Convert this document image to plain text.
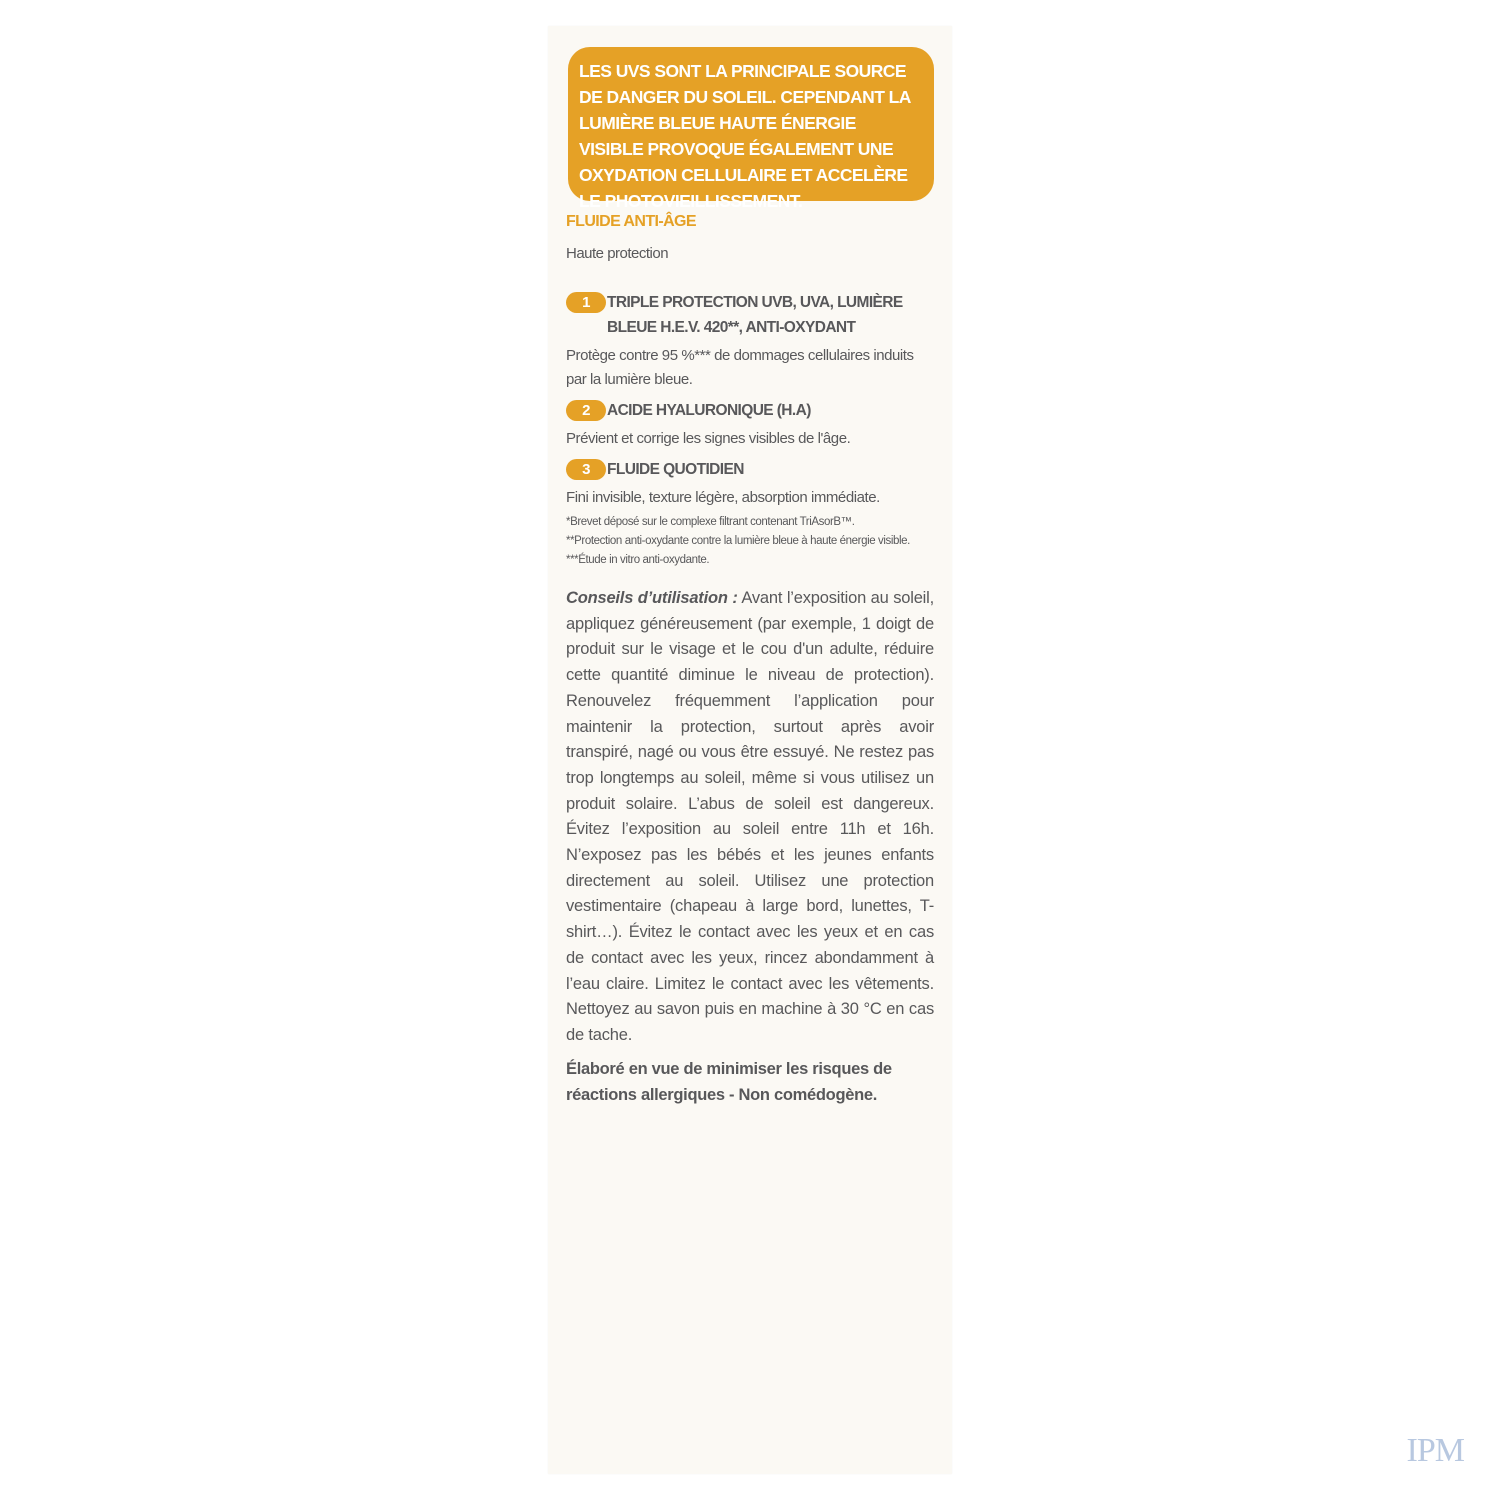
LES UVS SONT LA PRINCIPALE SOURCE DE DANGER DU SOLEIL. CEPENDANT LA LUMIÈRE BLEUE HAUTE ÉNERGIE VISIBLE PROVOQUE ÉGALEMENT UNE OXYDATION CELLULAIRE ET ACCELÈRE LE PHOTOVIEILLISSEMENT.

FLUIDE ANTI-ÂGE

Haute protection

1	TRIPLE PROTECTION UVB, UVA, LUMIÈRE BLEUE H.E.V. 420**, ANTI-OXYDANT

Protège contre 95 %*** de dommages cellulaires induits par la lumière bleue.

2	ACIDE HYALURONIQUE (H.A)

Prévient et corrige les signes visibles de l'âge.

3	FLUIDE QUOTIDIEN

Fini invisible, texture légère, absorption immédiate.

*Brevet déposé sur le complexe filtrant contenant TriAsorB™.
**Protection anti-oxydante contre la lumière bleue à haute énergie visible.
***Étude in vitro anti-oxydante.
Conseils d’utilisation : Avant l’exposition au soleil, appliquez généreusement (par exemple, 1 doigt de produit sur le visage et le cou d'un adulte, réduire cette quantité diminue le niveau de protection). Renouvelez fréquemment l’application pour maintenir la protection, surtout après avoir transpiré, nagé ou vous être essuyé. Ne restez pas trop longtemps au soleil, même si vous utilisez un produit solaire. L’abus de soleil est dangereux. Évitez l’exposition au soleil entre 11h et 16h. N’exposez pas les bébés et les jeunes enfants directement au soleil. Utilisez une protection vestimentaire (chapeau à large bord, lunettes, T-shirt…). Évitez le contact avec les yeux et en cas de contact avec les yeux, rincez abondamment à l’eau claire. Limitez le contact avec les vêtements. Nettoyez au savon puis en machine à 30 °C en cas de tache.
Élaboré en vue de minimiser les risques de réactions allergiques - Non comédogène.
IPM
